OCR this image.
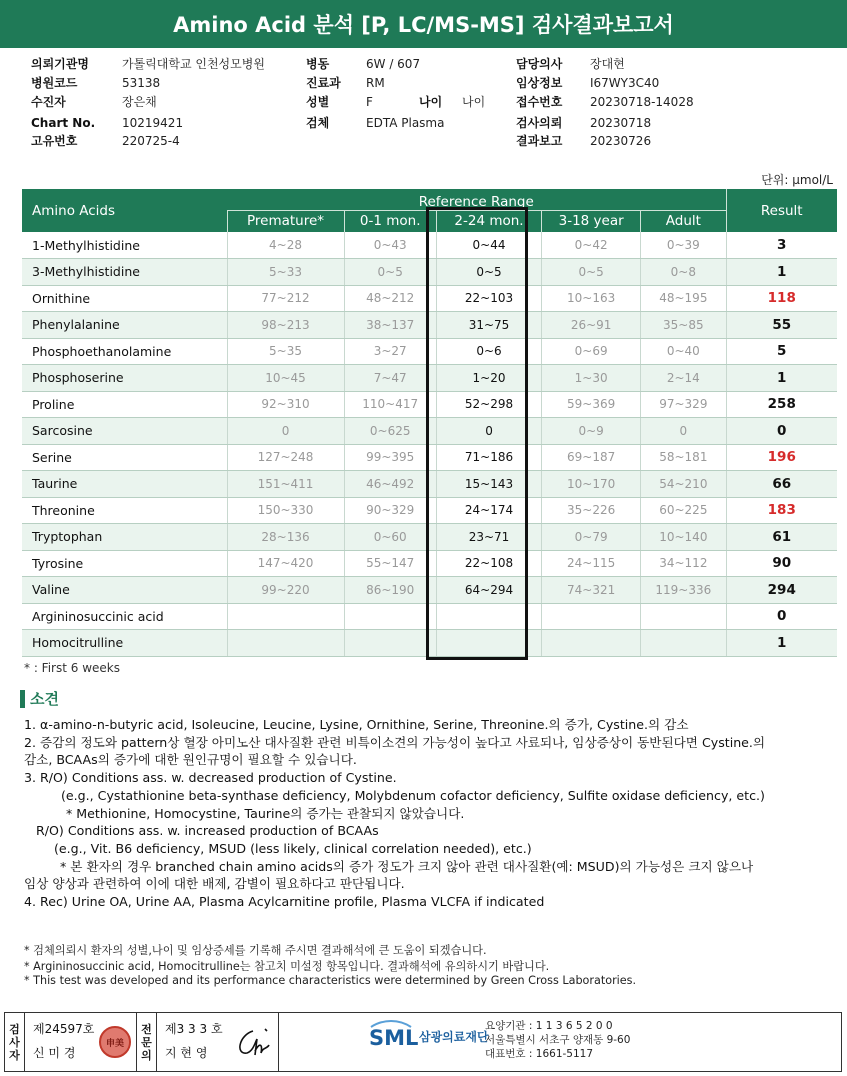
Amino Acid 분석 [P, LC/MS-MS] 검사결과보고서
의뢰기관명	가톨릭대학교 인천성모병원
병원코드	53138
수진자	장은채
Chart No. 10219421
고유번호	220725-4
병동	6W / 607
진료과 RM
성별	F
검체	EDTA Plasma
담당의사 장대현
임상정보 I67WY3C40
접수번호 20230718-14028
검사의뢰 20230718
결과보고 20230726
나이 나이
단위: μmol/L
Amino Acids	Reference Range					Result
	Premature*	0-1 mon.	2-24 mon.	3-18 year	Adult	
1-Methylhistidine	4~28	0~43	0~44	0~42	0~39	3
3-Methylhistidine	5~33	0~5	0~5	0~5	0~8	1
Ornithine	77~212	48~212	22~103	10~163	48~195	118
Phenylalanine	98~213	38~137	31~75	26~91	35~85	55
Phosphoethanolamine	5~35	3~27	0~6	0~69	0~40	5
Phosphoserine	10~45	7~47	1~20	1~30	2~14	1
Proline	92~310	110~417	52~298	59~369	97~329	258
Sarcosine	0	0~625	0	0~9	0	0
Serine	127~248	99~395	71~186	69~187	58~181	196
Taurine	151~411	46~492	15~143	10~170	54~210	66
Threonine	150~330	90~329	24~174	35~226	60~225	183
Tryptophan	28~136	0~60	23~71	0~79	10~140	61
Tyrosine	147~420	55~147	22~108	24~115	34~112	90
Valine	99~220	86~190	64~294	74~321	119~336	294
Argininosuccinic acid						0
Homocitrulline						1
* : First 6 weeks
소견
1. α-amino-n-butyric acid, Isoleucine, Leucine, Lysine, Ornithine, Serine, Threonine.의 증가, Cystine.의 감소
2. 증감의 정도와 pattern상 혈장 아미노산 대사질환 관련 비특이소견의 가능성이 높다고 사료되나, 임상증상이 동반된다면 Cystine.의
감소, BCAAs의 증가에 대한 원인규명이 필요할 수 있습니다.
3. R/O) Conditions ass. w. decreased production of Cystine.
(e.g., Cystathionine beta-synthase deficiency, Molybdenum cofactor deficiency, Sulfite oxidase deficiency, etc.)
* Methionine, Homocystine, Taurine의 증가는 관찰되지 않았습니다.
R/O) Conditions ass. w. increased production of BCAAs
(e.g., Vit. B6 deficiency, MSUD (less likely, clinical correlation needed), etc.)
* 본 환자의 경우 branched chain amino acids의 증가 정도가 크지 않아 관련 대사질환(예: MSUD)의 가능성은 크지 않으나
임상 양상과 관련하여 이에 대한 배제, 감별이 필요하다고 판단됩니다.
4. Rec) Urine OA, Urine AA, Plasma Acylcarnitine profile, Plasma VLCFA if indicated
* 검체의뢰시 환자의 성별,나이 및 임상증세를 기록해 주시면 결과해석에 큰 도움이 되겠습니다.
* Argininosuccinic acid, Homocitrulline는 참고치 미설정 항목입니다. 결과해석에 유의하시기 바랍니다.
* This test was developed and its performance characteristics were determined by Green Cross Laboratories.
검
사
자
제24597호
신 미 경
申美
전
문
의
제3 3 3 호
지 현 영
SML 삼광의료재단
요양기관 : 1 1 3 6 5 2 0 0
서울특별시 서초구 양재동 9-60
대표번호 : 1661-5117
